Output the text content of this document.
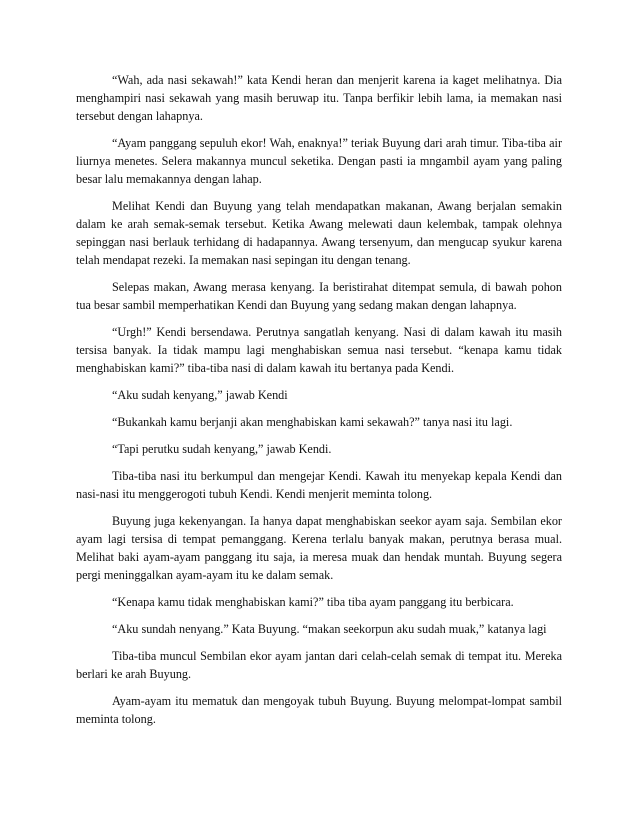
“Wah, ada nasi sekawah!” kata Kendi heran dan menjerit karena ia kaget melihatnya. Dia menghampiri nasi sekawah yang masih beruwap itu. Tanpa berfikir lebih lama, ia memakan nasi tersebut dengan lahapnya.

“Ayam panggang sepuluh ekor! Wah, enaknya!” teriak Buyung dari arah timur. Tiba-tiba air liurnya menetes. Selera makannya muncul seketika. Dengan pasti ia mngambil ayam yang paling besar lalu memakannya dengan lahap.

Melihat Kendi dan Buyung yang telah mendapatkan makanan, Awang berjalan semakin dalam ke arah semak-semak tersebut. Ketika Awang melewati daun kelembak, tampak olehnya sepinggan nasi berlauk terhidang di hadapannya. Awang tersenyum, dan mengucap syukur karena telah mendapat rezeki. Ia memakan nasi sepingan itu dengan tenang.

Selepas makan, Awang merasa kenyang. Ia beristirahat ditempat semula, di bawah pohon tua besar sambil memperhatikan Kendi dan Buyung yang sedang makan dengan lahapnya.

“Urgh!” Kendi bersendawa. Perutnya sangatlah kenyang. Nasi di dalam kawah itu masih tersisa banyak. Ia tidak mampu lagi menghabiskan semua nasi tersebut. “kenapa kamu tidak menghabiskan kami?” tiba-tiba nasi di dalam kawah itu bertanya pada Kendi.

“Aku sudah kenyang,” jawab Kendi

“Bukankah kamu berjanji akan menghabiskan kami sekawah?” tanya nasi itu lagi.

“Tapi perutku sudah kenyang,” jawab Kendi.

Tiba-tiba nasi itu berkumpul dan mengejar Kendi. Kawah itu menyekap kepala Kendi dan nasi-nasi itu menggerogoti tubuh Kendi. Kendi menjerit meminta tolong.

Buyung juga kekenyangan. Ia hanya dapat menghabiskan seekor ayam saja. Sembilan ekor ayam lagi tersisa di tempat pemanggang. Kerena terlalu banyak makan, perutnya berasa mual. Melihat baki ayam-ayam panggang itu saja, ia meresa muak dan hendak muntah. Buyung segera pergi meninggalkan ayam-ayam itu ke dalam semak.

“Kenapa kamu tidak menghabiskan kami?” tiba tiba ayam panggang itu berbicara.

“Aku sundah nenyang.” Kata Buyung. “makan seekorpun aku sudah muak,” katanya lagi

Tiba-tiba muncul Sembilan ekor ayam jantan dari celah-celah semak di tempat itu. Mereka berlari ke arah Buyung.

Ayam-ayam itu mematuk dan mengoyak tubuh Buyung. Buyung melompat-lompat sambil meminta tolong.
